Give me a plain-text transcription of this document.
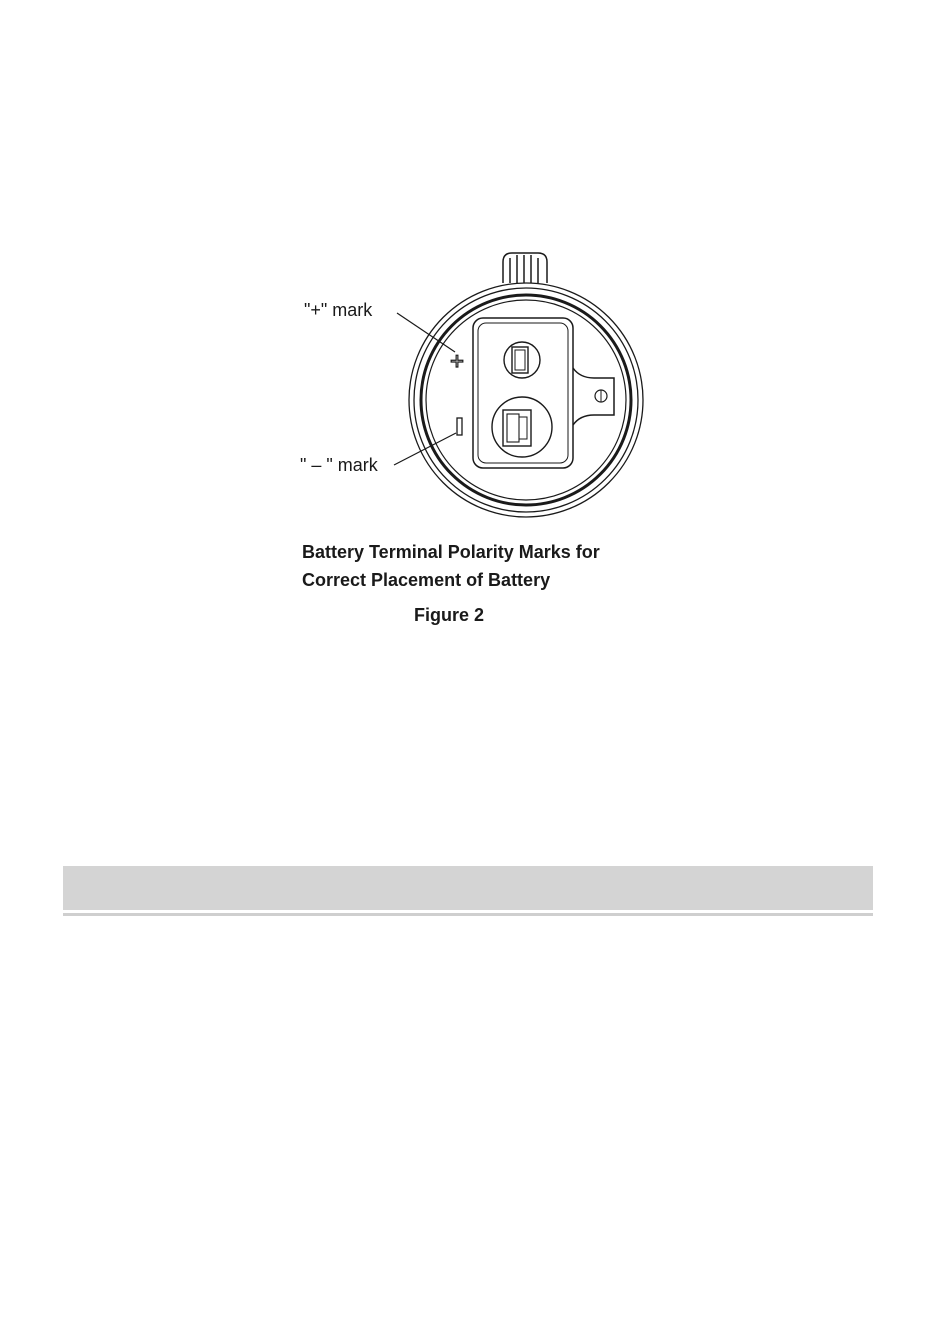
+
"+" mark
" – " mark
Battery Terminal Polarity Marks for
Correct Placement of Battery
Figure 2
